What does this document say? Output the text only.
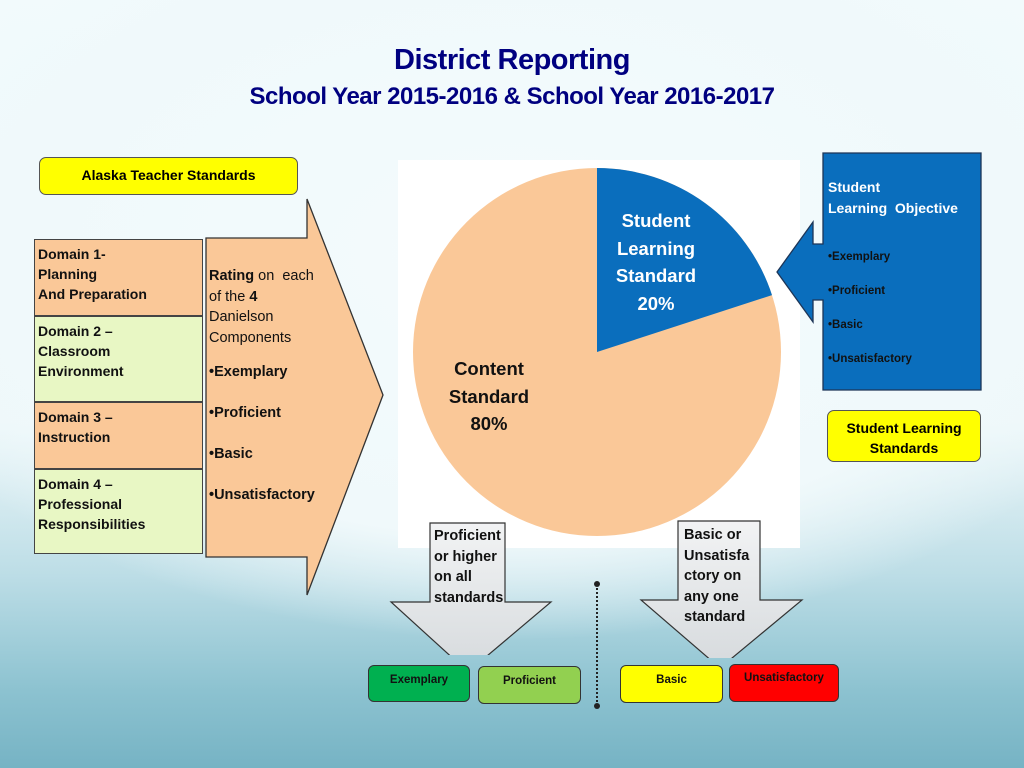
District Reporting
School Year 2015-2016 & School Year 2016-2017
Alaska Teacher Standards
Domain 1-
Planning
And Preparation
Domain 2 –
Classroom
Environment
Domain 3 –
Instruction
Domain 4 –
Professional
Responsibilities
Rating on  each
of the 4
Danielson
Components
•Exemplary
•Proficient
•Basic
•Unsatisfactory
Student
Learning
Standard
20%
Content
Standard
80%
Student
Learning  Objective
•Exemplary
•Proficient
•Basic
•Unsatisfactory
Student Learning
Standards
Proficient
or higher
on all
standards
Basic or
Unsatisfa
ctory on
any one
standard
Exemplary	Proficient	Basic	Unsatisfactory
